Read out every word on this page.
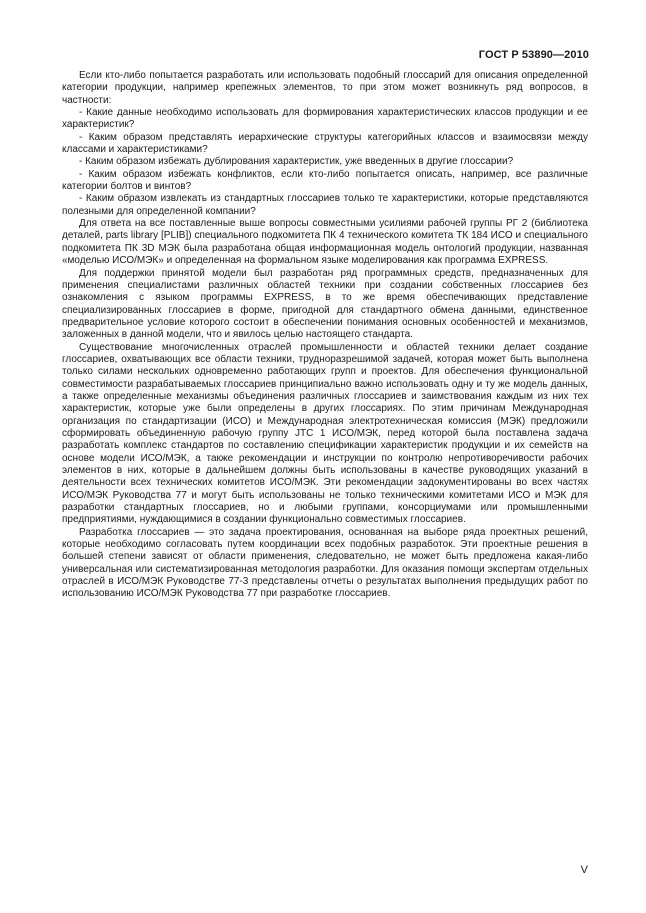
ГОСТ Р 53890—2010

Если кто-либо попытается разработать или использовать подобный глоссарий для описания определенной категории продукции, например крепежных элементов, то при этом может возникнуть ряд вопросов, в частности:

- Какие данные необходимо использовать для формирования характеристических классов продукции и ее характеристик?

- Каким образом представлять иерархические структуры категорийных классов и взаимосвязи между классами и характеристиками?

- Каким образом избежать дублирования характеристик, уже введенных в другие глоссарии?

- Каким образом избежать конфликтов, если кто-либо попытается описать, например, все различные категории болтов и винтов?

- Каким образом извлекать из стандартных глоссариев только те характеристики, которые представляются полезными для определенной компании?

Для ответа на все поставленные выше вопросы совместными усилиями рабочей группы РГ 2 (библиотека деталей, parts library [PLIB]) специального подкомитета ПК 4 технического комитета ТК 184 ИСО и специального подкомитета ПК 3D МЭК была разработана общая информационная модель онтологий продукции, названная «моделью ИСО/МЭК» и определенная на формальном языке моделирования как программа EXPRESS.

Для поддержки принятой модели был разработан ряд программных средств, предназначенных для применения специалистами различных областей техники при создании собственных глоссариев без ознакомления с языком программы EXPRESS, в то же время обеспечивающих представление специализированных глоссариев в форме, пригодной для стандартного обмена данными, единственное предварительное условие которого состоит в обеспечении понимания основных особенностей и механизмов, заложенных в данной модели, что и явилось целью настоящего стандарта.

Существование многочисленных отраслей промышленности и областей техники делает создание глоссариев, охватывающих все области техники, трудноразрешимой задачей, которая может быть выполнена только силами нескольких одновременно работающих групп и проектов. Для обеспечения функциональной совместимости разрабатываемых глоссариев принципиально важно использовать одну и ту же модель данных, а также определенные механизмы объединения различных глоссариев и заимствования каждым из них тех характеристик, которые уже были определены в других глоссариях. По этим причинам Международная организация по стандартизации (ИСО) и Международная электротехническая комиссия (МЭК) предложили сформировать объединенную рабочую группу JTC 1 ИСО/МЭК, перед которой была поставлена задача разработать комплекс стандартов по составлению спецификации характеристик продукции и их семейств на основе модели ИСО/МЭК, а также рекомендации и инструкции по контролю непротиворечивости рабочих элементов в них, которые в дальнейшем должны быть использованы в качестве руководящих указаний в деятельности всех технических комитетов ИСО/МЭК. Эти рекомендации задокументированы во всех частях ИСО/МЭК Руководства 77 и могут быть использованы не только техническими комитетами ИСО и МЭК для разработки стандартных глоссариев, но и любыми группами, консорциумами или промышленными предприятиями, нуждающимися в создании функционально совместимых глоссариев.

Разработка глоссариев — это задача проектирования, основанная на выборе ряда проектных решений, которые необходимо согласовать путем координации всех подобных разработок. Эти проектные решения в большей степени зависят от области применения, следовательно, не может быть предложена какая-либо универсальная или систематизированная методология разработки. Для оказания помощи экспертам отдельных отраслей в ИСО/МЭК Руководстве 77-3 представлены отчеты о результатах выполнения предыдущих работ по использованию ИСО/МЭК Руководства 77 при разработке глоссариев.

V
